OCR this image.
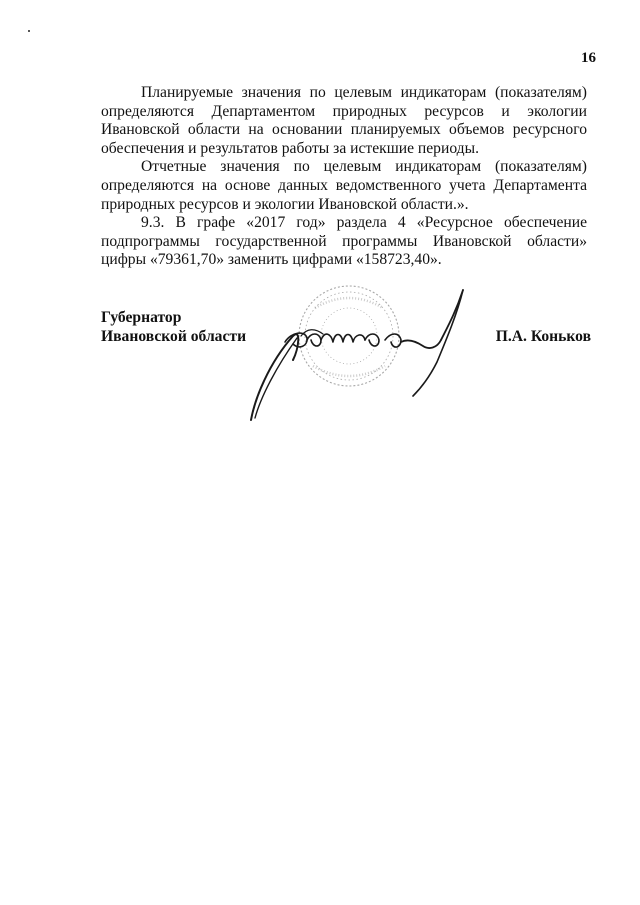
16

Планируемые значения по целевым индикаторам (показателям) определяются Департаментом природных ресурсов и экологии Ивановской области на основании планируемых объемов ресурсного обеспечения и результатов работы за истекшие периоды.

Отчетные значения по целевым индикаторам (показателям) определяются на основе данных ведомственного учета Департамента природных ресурсов и экологии Ивановской области.».

9.3. В графе «2017 год» раздела 4 «Ресурсное обеспечение подпрограммы государственной программы Ивановской области» цифры «79361,70» заменить цифрами «158723,40».

Губернатор
Ивановской области	П.А. Коньков
